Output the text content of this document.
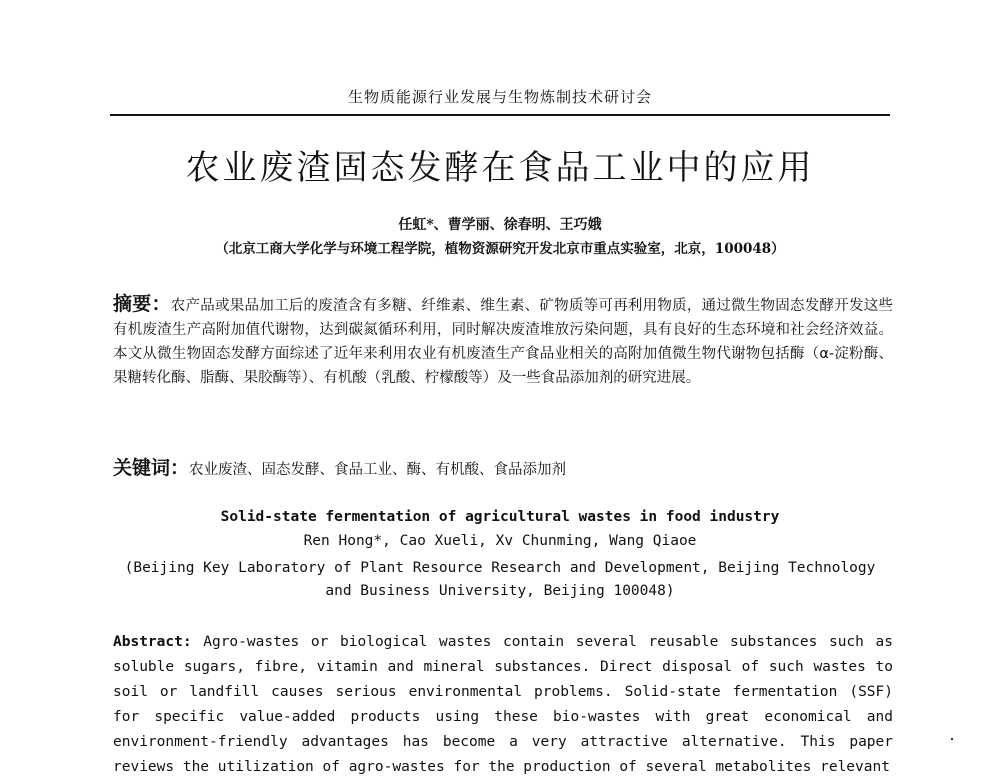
生物质能源行业发展与生物炼制技术研讨会
农业废渣固态发酵在食品工业中的应用
任虹*、曹学丽、徐春明、王巧娥
（北京工商大学化学与环境工程学院，植物资源研究开发北京市重点实验室，北京，100048）
摘要：农产品或果品加工后的废渣含有多糖、纤维素、维生素、矿物质等可再利用物质，通过微生物固态发酵开发这些有机废渣生产高附加值代谢物，达到碳氮循环利用，同时解决废渣堆放污染问题，具有良好的生态环境和社会经济效益。本文从微生物固态发酵方面综述了近年来利用农业有机废渣生产食品业相关的高附加值微生物代谢物包括酶（α-淀粉酶、果糖转化酶、脂酶、果胶酶等）、有机酸（乳酸、柠檬酸等）及一些食品添加剂的研究进展。
关键词：农业废渣、固态发酵、食品工业、酶、有机酸、食品添加剂
Solid-state fermentation of agricultural wastes in food industry
Ren Hong*, Cao Xueli, Xv Chunming, Wang Qiaoe
(Beijing Key Laboratory of Plant Resource Research and Development, Beijing Technology and Business University, Beijing 100048)
Abstract: Agro-wastes or biological wastes contain several reusable substances such as soluble sugars, fibre, vitamin and mineral substances. Direct disposal of such wastes to soil or landfill causes serious environmental problems. Solid-state fermentation (SSF) for specific value-added products using these bio-wastes with great economical and environment-friendly advantages has become a very attractive alternative. This paper reviews the utilization of agro-wastes for the production of several metabolites relevant
